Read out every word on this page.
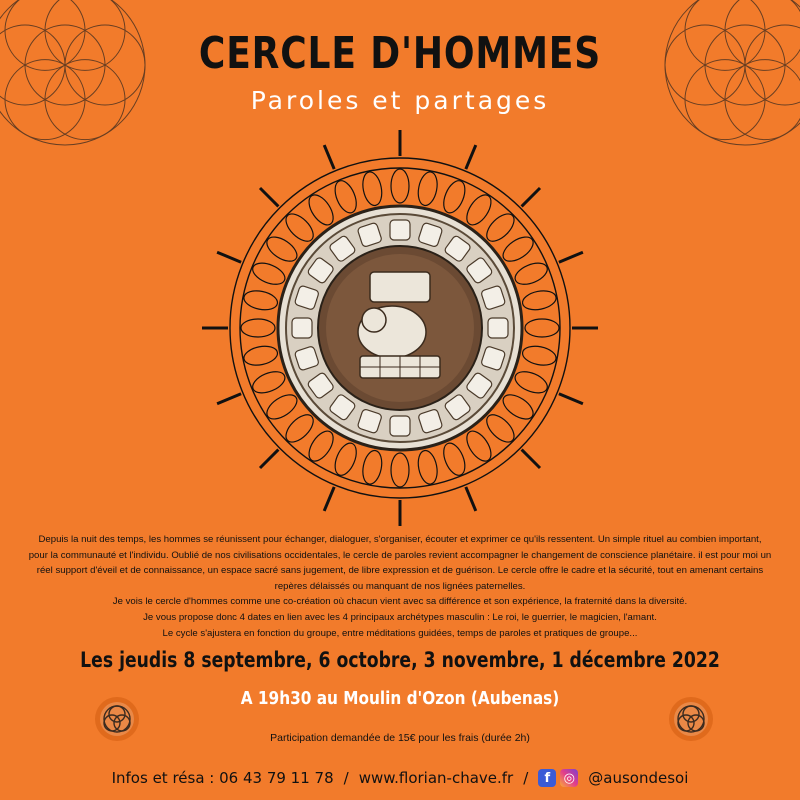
CERCLE D'HOMMES
Paroles et partages

Depuis la nuit des temps, les hommes se réunissent pour échanger, dialoguer, s'organiser, écouter et exprimer ce qu'ils ressentent. Un simple rituel au combien important, pour la communauté et l'individu. Oublié de nos civilisations occidentales, le cercle de paroles revient accompagner le changement de conscience planétaire. il est pour moi un réel support d'éveil et de connaissance, un espace sacré sans jugement, de libre expression et de guérison. Le cercle offre le cadre et la sécurité, tout en amenant certains repères délaissés ou manquant de nos lignées paternelles.

Je vois le cercle d'hommes comme une co-création où chacun vient avec sa différence et son expérience, la fraternité dans la diversité.

Je vous propose donc 4 dates en lien avec les 4 principaux archétypes masculin : Le roi, le guerrier, le magicien, l'amant.

Le cycle s'ajustera en fonction du groupe, entre méditations guidées, temps de paroles et pratiques de groupe...

Les jeudis 8 septembre, 6 octobre, 3 novembre, 1 décembre 2022
A 19h30 au Moulin d'Ozon (Aubenas)
Participation demandée de 15€ pour les frais (durée 2h)
Infos et résa : 06 43 79 11 78 / www.florian-chave.fr /	f	◎ @ausondesoi
